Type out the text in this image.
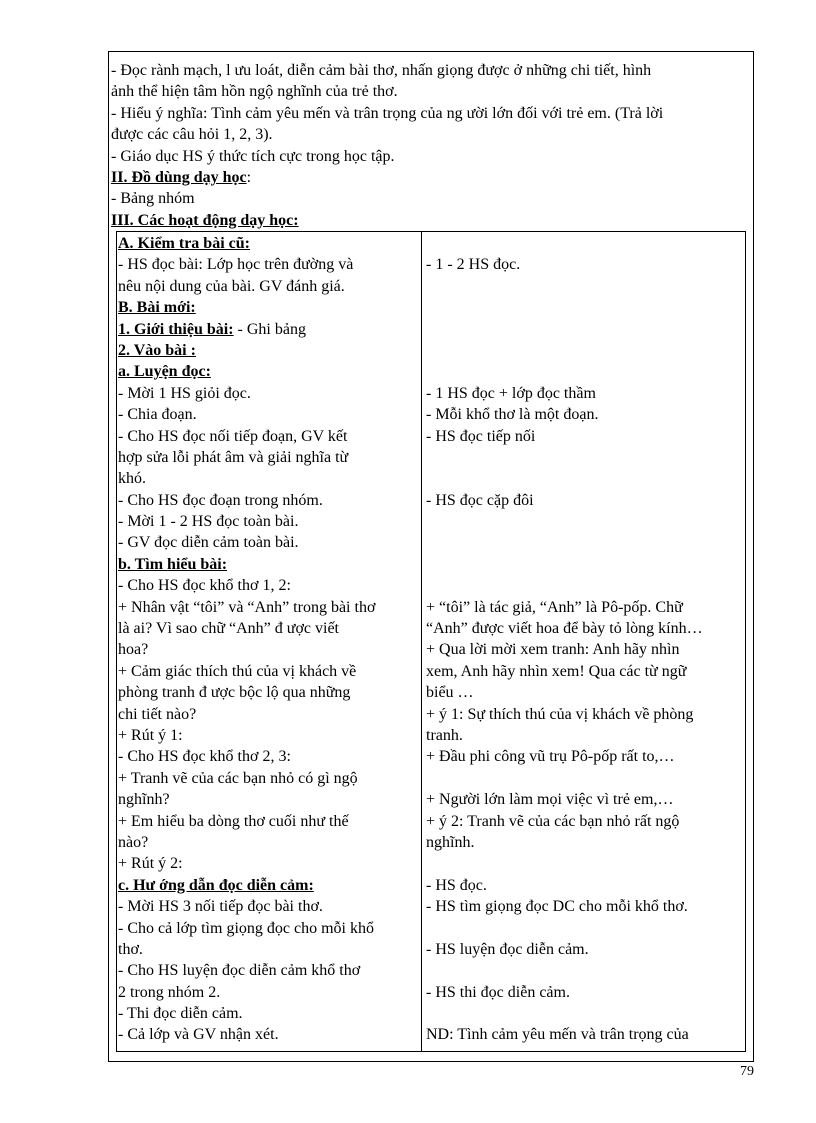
- Đọc rành mạch, l ưu loát, diễn cảm bài thơ, nhấn giọng được ở những chi tiết, hình
ảnh thể hiện tâm hồn ngộ nghĩnh của trẻ thơ.
- Hiểu ý nghĩa: Tình cảm yêu mến và trân trọng của ng ười lớn đối với trẻ em. (Trả lời
được các câu hỏi 1, 2, 3).
- Giáo dục HS ý thức tích cực trong học tập.
II. Đồ dùng dạy học:
- Bảng nhóm
III. Các hoạt động dạy học:
A. Kiểm tra bài cũ:
- HS đọc bài: Lớp học trên đường và
nêu nội dung của bài. GV đánh giá.
B. Bài mới:
1. Giới thiệu bài: - Ghi bảng
2. Vào bài :
a. Luyện đọc:
- Mời 1 HS giỏi đọc.
- Chia đoạn.
- Cho HS đọc nối tiếp đoạn, GV kết
hợp sửa lỗi phát âm và giải nghĩa từ
khó.
- Cho HS đọc đoạn trong nhóm.
- Mời 1 - 2 HS đọc toàn bài.
- GV đọc diễn cảm toàn bài.
b. Tìm hiểu bài:
- Cho HS đọc khổ thơ 1, 2:
+ Nhân vật “tôi” và “Anh” trong bài thơ
là ai? Vì sao chữ “Anh” đ ược viết
hoa?
+ Cảm giác thích thú của vị khách về
phòng tranh đ ược bộc lộ qua những
chi tiết nào?
+ Rút ý 1:
- Cho HS đọc khổ thơ 2, 3:
+ Tranh vẽ của các bạn nhỏ có gì ngộ
nghĩnh?
+ Em hiểu ba dòng thơ cuối như thế
nào?
+ Rút ý 2:
c. Hư ớng dẫn đọc diễn cảm:
- Mời HS 3 nối tiếp đọc bài thơ.
- Cho cả lớp tìm giọng đọc cho mỗi khổ
thơ.
- Cho HS luyện đọc diễn cảm khổ thơ
2 trong nhóm 2.
- Thi đọc diễn cảm.
- Cả lớp và GV nhận xét.
- 1 - 2 HS đọc.
- 1 HS đọc + lớp đọc thầm
- Mỗi khổ thơ là một đoạn.
- HS đọc tiếp nối
- HS đọc cặp đôi
+ “tôi” là tác giả, “Anh” là Pô-pốp. Chữ
“Anh” được viết hoa để bày tỏ lòng kính…
+ Qua lời mời xem tranh: Anh hãy nhìn
xem, Anh hãy nhìn xem! Qua các từ ngữ
biểu …
+ ý 1: Sự thích thú của vị khách về phòng
tranh.
+ Đầu phi công vũ trụ Pô-pốp rất to,…
+ Người lớn làm mọi việc vì trẻ em,…
+ ý 2: Tranh vẽ của các bạn nhỏ rất ngộ
nghĩnh.
- HS đọc.
- HS tìm giọng đọc DC cho mỗi khổ thơ.
- HS luyện đọc diễn cảm.
- HS thi đọc diễn cảm.
ND: Tình cảm yêu mến và trân trọng của
79
